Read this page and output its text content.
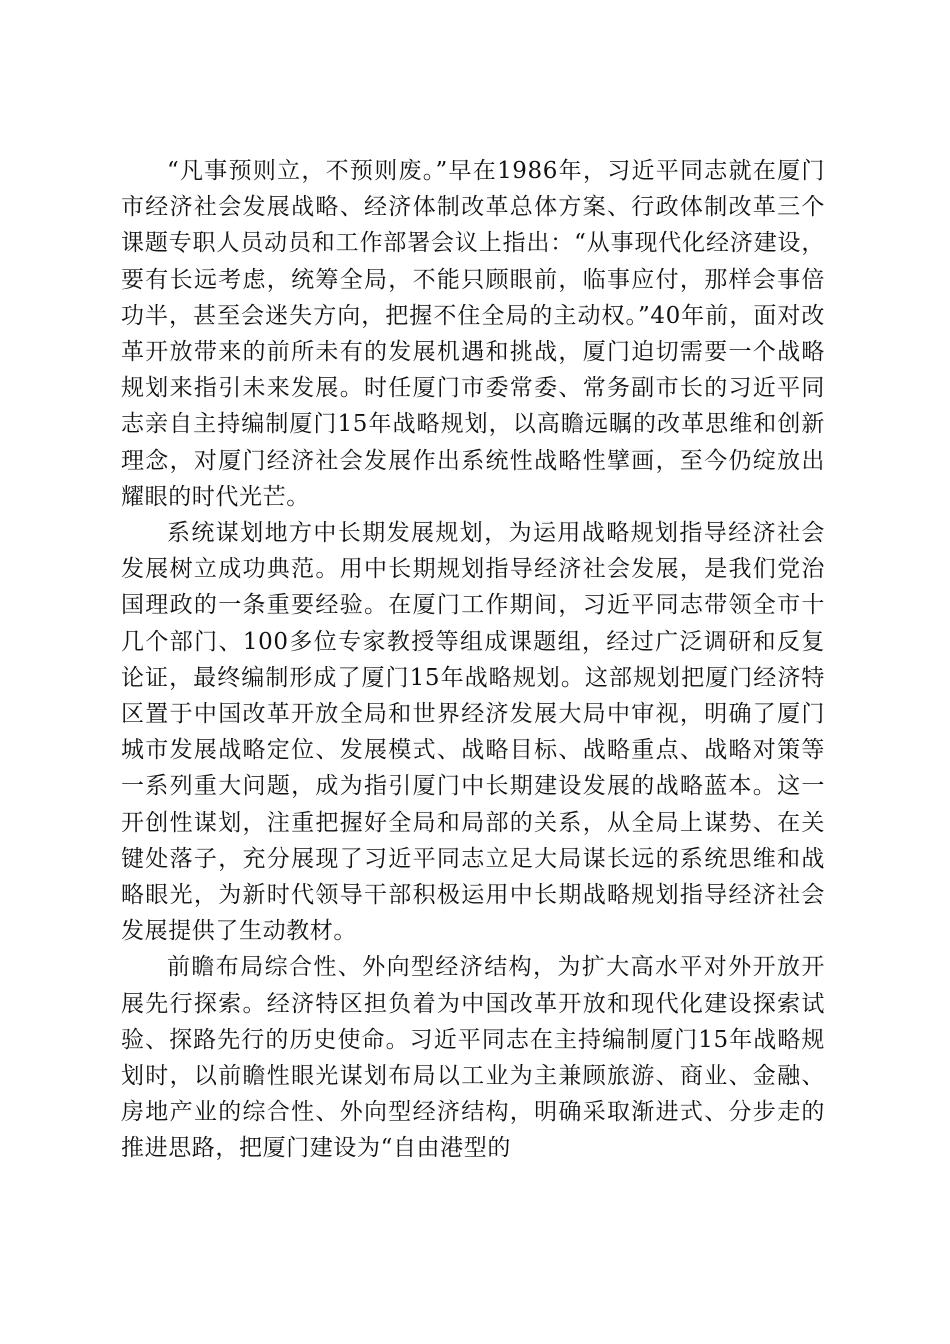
“凡事预则立，不预则废。”早在1986年，习近平同志就在厦门市经济社会发展战略、经济体制改革总体方案、行政体制改革三个课题专职人员动员和工作部署会议上指出：“从事现代化经济建设，要有长远考虑，统筹全局，不能只顾眼前，临事应付，那样会事倍功半，甚至会迷失方向，把握不住全局的主动权。”40年前，面对改革开放带来的前所未有的发展机遇和挑战，厦门迫切需要一个战略规划来指引未来发展。时任厦门市委常委、常务副市长的习近平同志亲自主持编制厦门15年战略规划，以高瞻远瞩的改革思维和创新理念，对厦门经济社会发展作出系统性战略性擘画，至今仍绽放出耀眼的时代光芒。

系统谋划地方中长期发展规划，为运用战略规划指导经济社会发展树立成功典范。用中长期规划指导经济社会发展，是我们党治国理政的一条重要经验。在厦门工作期间，习近平同志带领全市十几个部门、100多位专家教授等组成课题组，经过广泛调研和反复论证，最终编制形成了厦门15年战略规划。这部规划把厦门经济特区置于中国改革开放全局和世界经济发展大局中审视，明确了厦门城市发展战略定位、发展模式、战略目标、战略重点、战略对策等一系列重大问题，成为指引厦门中长期建设发展的战略蓝本。这一开创性谋划，注重把握好全局和局部的关系，从全局上谋势、在关键处落子，充分展现了习近平同志立足大局谋长远的系统思维和战略眼光，为新时代领导干部积极运用中长期战略规划指导经济社会发展提供了生动教材。

前瞻布局综合性、外向型经济结构，为扩大高水平对外开放开展先行探索。经济特区担负着为中国改革开放和现代化建设探索试验、探路先行的历史使命。习近平同志在主持编制厦门15年战略规划时，以前瞻性眼光谋划布局以工业为主兼顾旅游、商业、金融、房地产业的综合性、外向型经济结构，明确采取渐进式、分步走的推进思路，把厦门建设为“自由港型的
